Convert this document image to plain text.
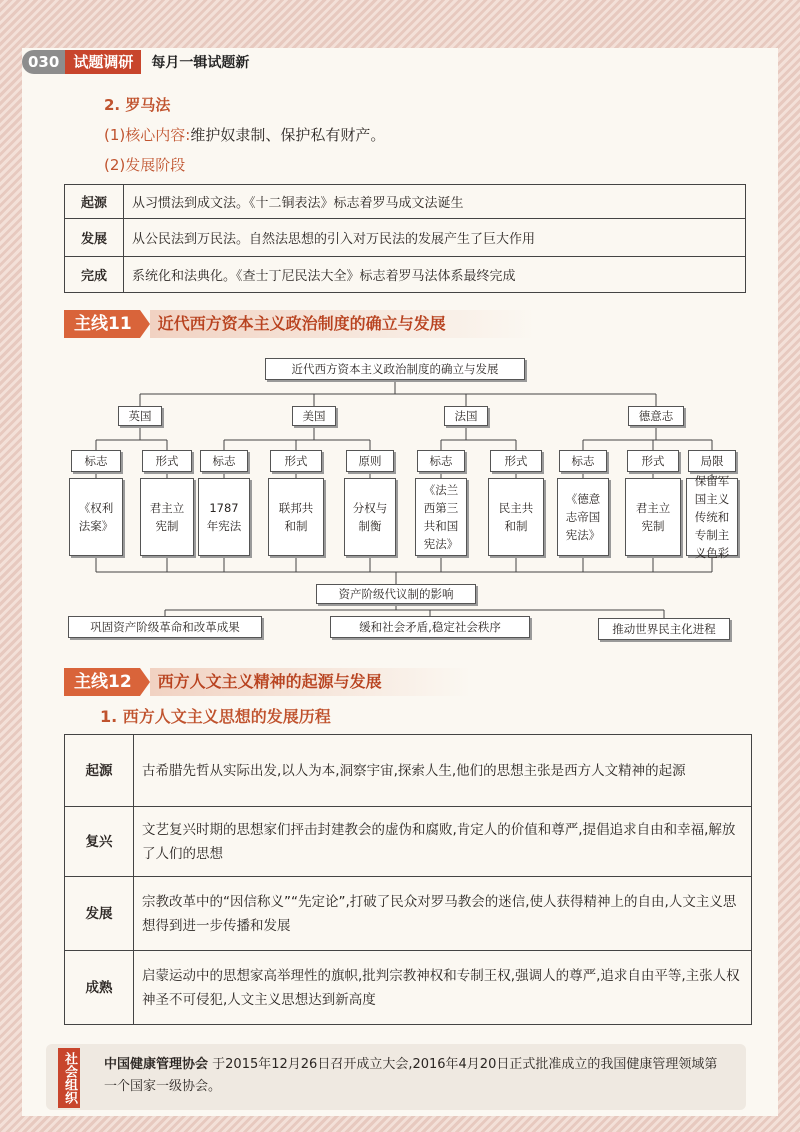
030 试题调研	每月一辑试题新
2. 罗马法
(1)核心内容:维护奴隶制、保护私有财产。
(2)发展阶段
起源	从习惯法到成文法。《十二铜表法》标志着罗马成文法诞生
发展	从公民法到万民法。自然法思想的引入对万民法的发展产生了巨大作用
完成	系统化和法典化。《查士丁尼民法大全》标志着罗马法体系最终完成
主线11	近代西方资本主义政治制度的确立与发展
近代西方资本主义政治制度的确立与发展
英国	美国	法国	德意志
标志	形式	标志	形式	原则	标志	形式	标志	形式	局限
《权利法案》
君主立宪制
1787年宪法
联邦共和制
分权与制衡
《法兰西第三共和国宪法》
民主共和制
《德意志帝国宪法》
君主立宪制
保留军国主义传统和专制主义色彩
资产阶级代议制的影响
巩固资产阶级革命和改革成果	缓和社会矛盾,稳定社会秩序	推动世界民主化进程
主线12	西方人文主义精神的起源与发展
1. 西方人文主义思想的发展历程
起源	古希腊先哲从实际出发,以人为本,洞察宇宙,探索人生,他们的思想主张是西方人文精神的起源
复兴	文艺复兴时期的思想家们抨击封建教会的虚伪和腐败,肯定人的价值和尊严,提倡追求自由和幸福,解放了人们的思想
发展	宗教改革中的“因信称义”“先定论”,打破了民众对罗马教会的迷信,使人获得精神上的自由,人文主义思想得到进一步传播和发展
成熟	启蒙运动中的思想家高举理性的旗帜,批判宗教神权和专制王权,强调人的尊严,追求自由平等,主张人权神圣不可侵犯,人文主义思想达到新高度
社会组织 中国健康管理协会 于2015年12月26日召开成立大会,2016年4月20日正式批准成立的我国健康管理领域第一个国家一级协会。
